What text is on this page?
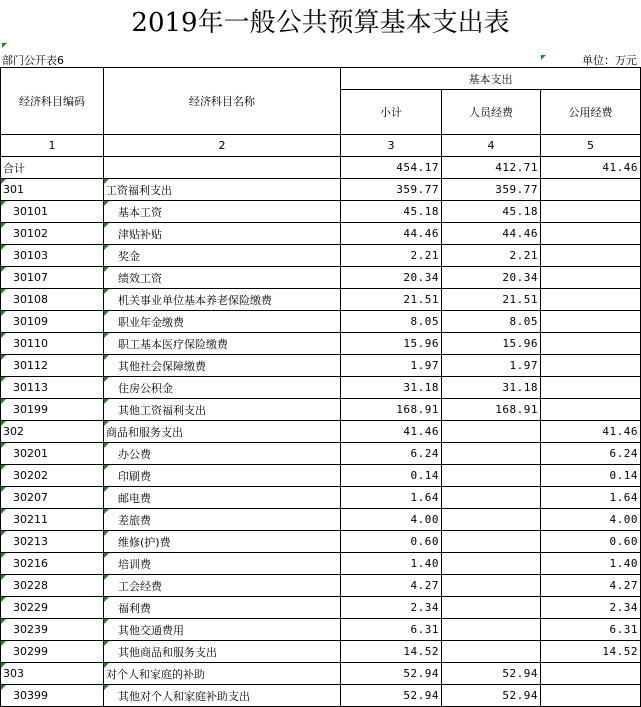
2019年一般公共预算基本支出表
部门公开表6	单位：万元
经济科目编码	经济科目名称	基本支出		
		小计	人员经费	公用经费
1	2	3	4	5
合计		454.17	412.71	41.46

301	工资福利支出	359.77	359.77	

30101	基本工资	45.18	45.18	

30102	津贴补贴	44.46	44.46	

30103	奖金	2.21	2.21	

30107	绩效工资	20.34	20.34	

30108	机关事业单位基本养老保险缴费	21.51	21.51	

30109	职业年金缴费	8.05	8.05	

30110	职工基本医疗保险缴费	15.96	15.96	

30112	其他社会保障缴费	1.97	1.97	

30113	住房公积金	31.18	31.18	

30199	其他工资福利支出	168.91	168.91	

302	商品和服务支出	41.46		41.46

30201	办公费	6.24		6.24

30202	印刷费	0.14		0.14

30207	邮电费	1.64		1.64

30211	差旅费	4.00		4.00

30213	维修(护)费	0.60		0.60

30216	培训费	1.40		1.40

30228	工会经费	4.27		4.27

30229	福利费	2.34		2.34

30239	其他交通费用	6.31		6.31

30299	其他商品和服务支出	14.52		14.52

303	对个人和家庭的补助	52.94	52.94	

30399	其他对个人和家庭补助支出	52.94	52.94	
